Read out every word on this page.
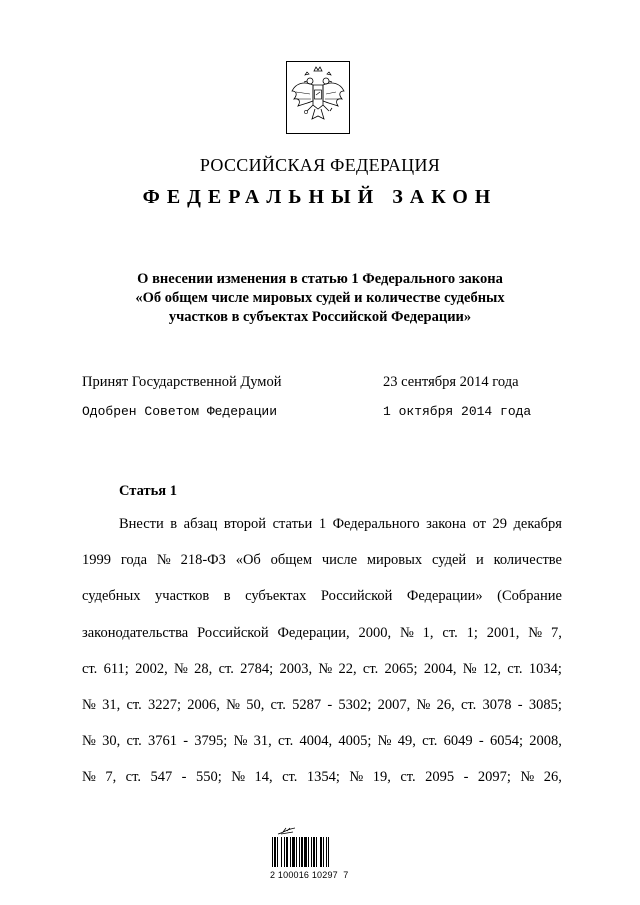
РОССИЙСКАЯ ФЕДЕРАЦИЯ
ФЕДЕРАЛЬНЫЙ ЗАКОН
О внесении изменения в статью 1 Федерального закона
«Об общем числе мировых судей и количестве судебных
участков в субъектах Российской Федерации»
Принят Государственной Думой	23 сентября 2014 года
Одобрен Советом Федерации	1 октября 2014 года
Статья 1
Внести в абзац второй статьи 1 Федерального закона от 29 декабря
1999 года № 218-ФЗ «Об общем числе мировых судей и количестве
судебных участков в субъектах Российской Федерации» (Собрание
законодательства Российской Федерации, 2000, № 1, ст. 1; 2001, № 7,
ст. 611; 2002, № 28, ст. 2784; 2003, № 22, ст. 2065; 2004, № 12, ст. 1034;
№ 31, ст. 3227; 2006, № 50, ст. 5287 - 5302; 2007, № 26, ст. 3078 - 3085;
№ 30, ст. 3761 - 3795; № 31, ст. 4004, 4005; № 49, ст. 6049 - 6054; 2008,
№ 7, ст. 547 - 550; № 14, ст. 1354; № 19, ст. 2095 - 2097; № 26,
2 100016 10297  7
